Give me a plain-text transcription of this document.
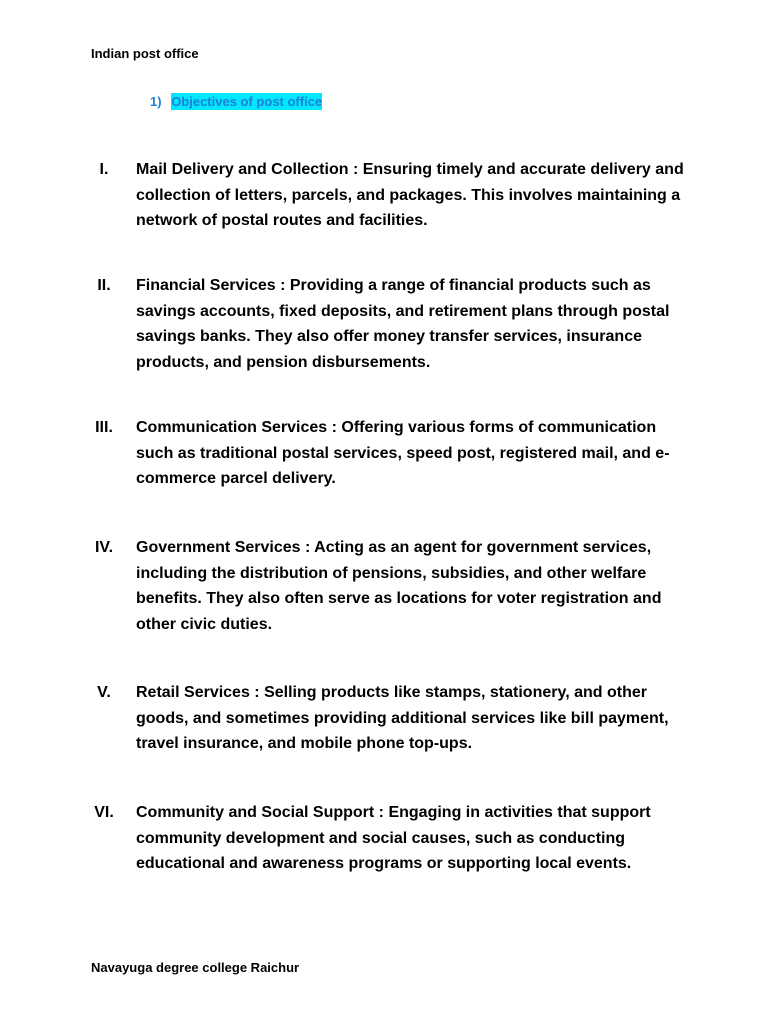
Indian post office
1) Objectives of post office
I.	Mail Delivery and Collection : Ensuring timely and accurate delivery and collection of letters, parcels, and packages. This involves maintaining a network of postal routes and facilities.
II.	Financial Services : Providing a range of financial products such as savings accounts, fixed deposits, and retirement plans through postal savings banks. They also offer money transfer services, insurance products, and pension disbursements.
III.	Communication Services : Offering various forms of communication such as traditional postal services, speed post, registered mail, and e-commerce parcel delivery.
IV.	Government Services : Acting as an agent for government services, including the distribution of pensions, subsidies, and other welfare benefits. They also often serve as locations for voter registration and other civic duties.
V.	Retail Services : Selling products like stamps, stationery, and other goods, and sometimes providing additional services like bill payment, travel insurance, and mobile phone top-ups.
VI.	Community and Social Support : Engaging in activities that support community development and social causes, such as conducting educational and awareness programs or supporting local events.
Navayuga degree college Raichur
